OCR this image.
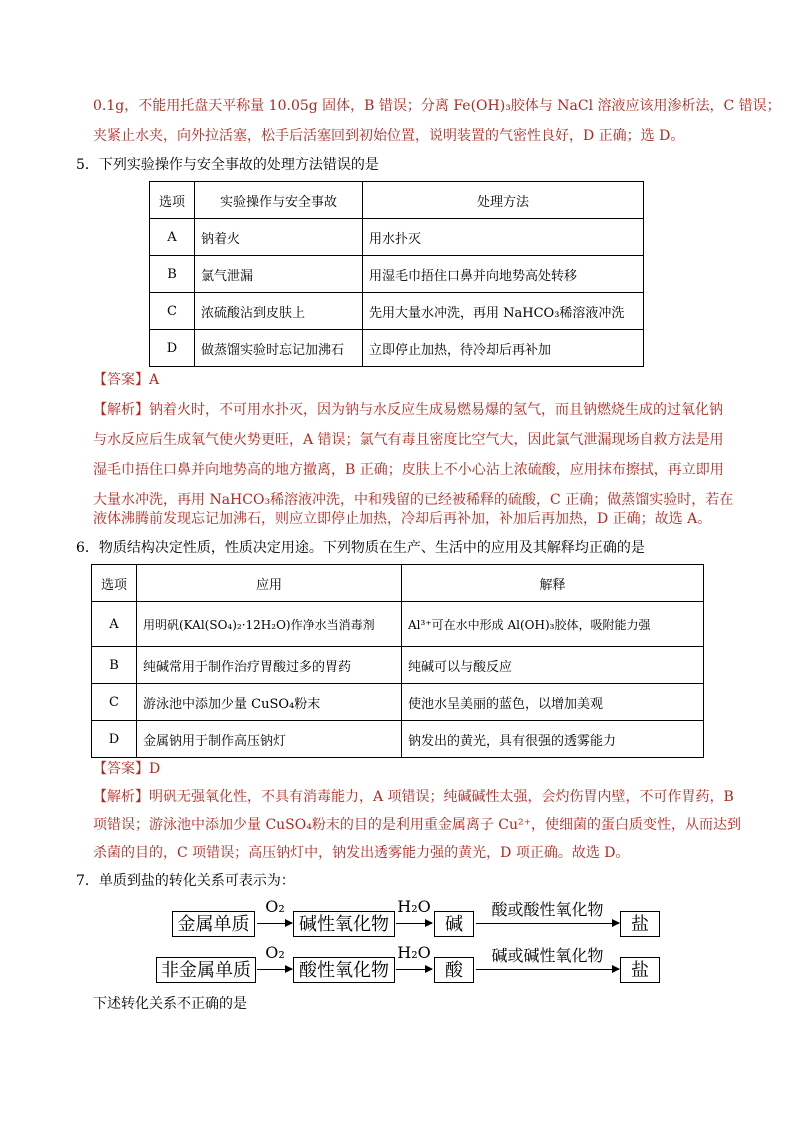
0.1g，不能用托盘天平称量 10.05g 固体，B 错误；分离 Fe(OH)₃胶体与 NaCl 溶液应该用渗析法，C 错误；
夹紧止水夹，向外拉活塞，松手后活塞回到初始位置，说明装置的气密性良好，D 正确；选 D。
5．下列实验操作与安全事故的处理方法错误的是
选项	实验操作与安全事故	处理方法
A	钠着火	用水扑灭
B	氯气泄漏	用湿毛巾捂住口鼻并向地势高处转移
C	浓硫酸沾到皮肤上	先用大量水冲洗，再用 NaHCO₃稀溶液冲洗
D	做蒸馏实验时忘记加沸石	立即停止加热，待冷却后再补加
【答案】A
【解析】钠着火时，不可用水扑灭，因为钠与水反应生成易燃易爆的氢气，而且钠燃烧生成的过氧化钠
与水反应后生成氧气使火势更旺，A 错误；氯气有毒且密度比空气大，因此氯气泄漏现场自救方法是用
湿毛巾捂住口鼻并向地势高的地方撤离，B 正确；皮肤上不小心沾上浓硫酸，应用抹布擦拭，再立即用
大量水冲洗，再用 NaHCO₃稀溶液冲洗，中和残留的已经被稀释的硫酸，C 正确；做蒸馏实验时，若在
液体沸腾前发现忘记加沸石，则应立即停止加热，冷却后再补加，补加后再加热，D 正确；故选 A。
6．物质结构决定性质，性质决定用途。下列物质在生产、生活中的应用及其解释均正确的是
选项	应用	解释
A	用明矾(KAl(SO₄)₂·12H₂O)作净水当消毒剂	Al³⁺可在水中形成 Al(OH)₃胶体，吸附能力强
B	纯碱常用于制作治疗胃酸过多的胃药	纯碱可以与酸反应
C	游泳池中添加少量 CuSO₄粉末	使池水呈美丽的蓝色，以增加美观
D	金属钠用于制作高压钠灯	钠发出的黄光，具有很强的透雾能力
【答案】D
【解析】明矾无强氧化性，不具有消毒能力，A 项错误；纯碱碱性太强，会灼伤胃内壁，不可作胃药，B
项错误；游泳池中添加少量 CuSO₄粉末的目的是利用重金属离子 Cu²⁺，使细菌的蛋白质变性，从而达到
杀菌的目的，C 项错误；高压钠灯中，钠发出透雾能力强的黄光，D 项正确。故选 D。
7．单质到盐的转化关系可表示为：
金属单质
O₂
碱性氧化物
H₂O
碱
酸或酸性氧化物
盐
非金属单质
O₂
酸性氧化物
H₂O
酸
碱或碱性氧化物
盐
下述转化关系不正确的是
